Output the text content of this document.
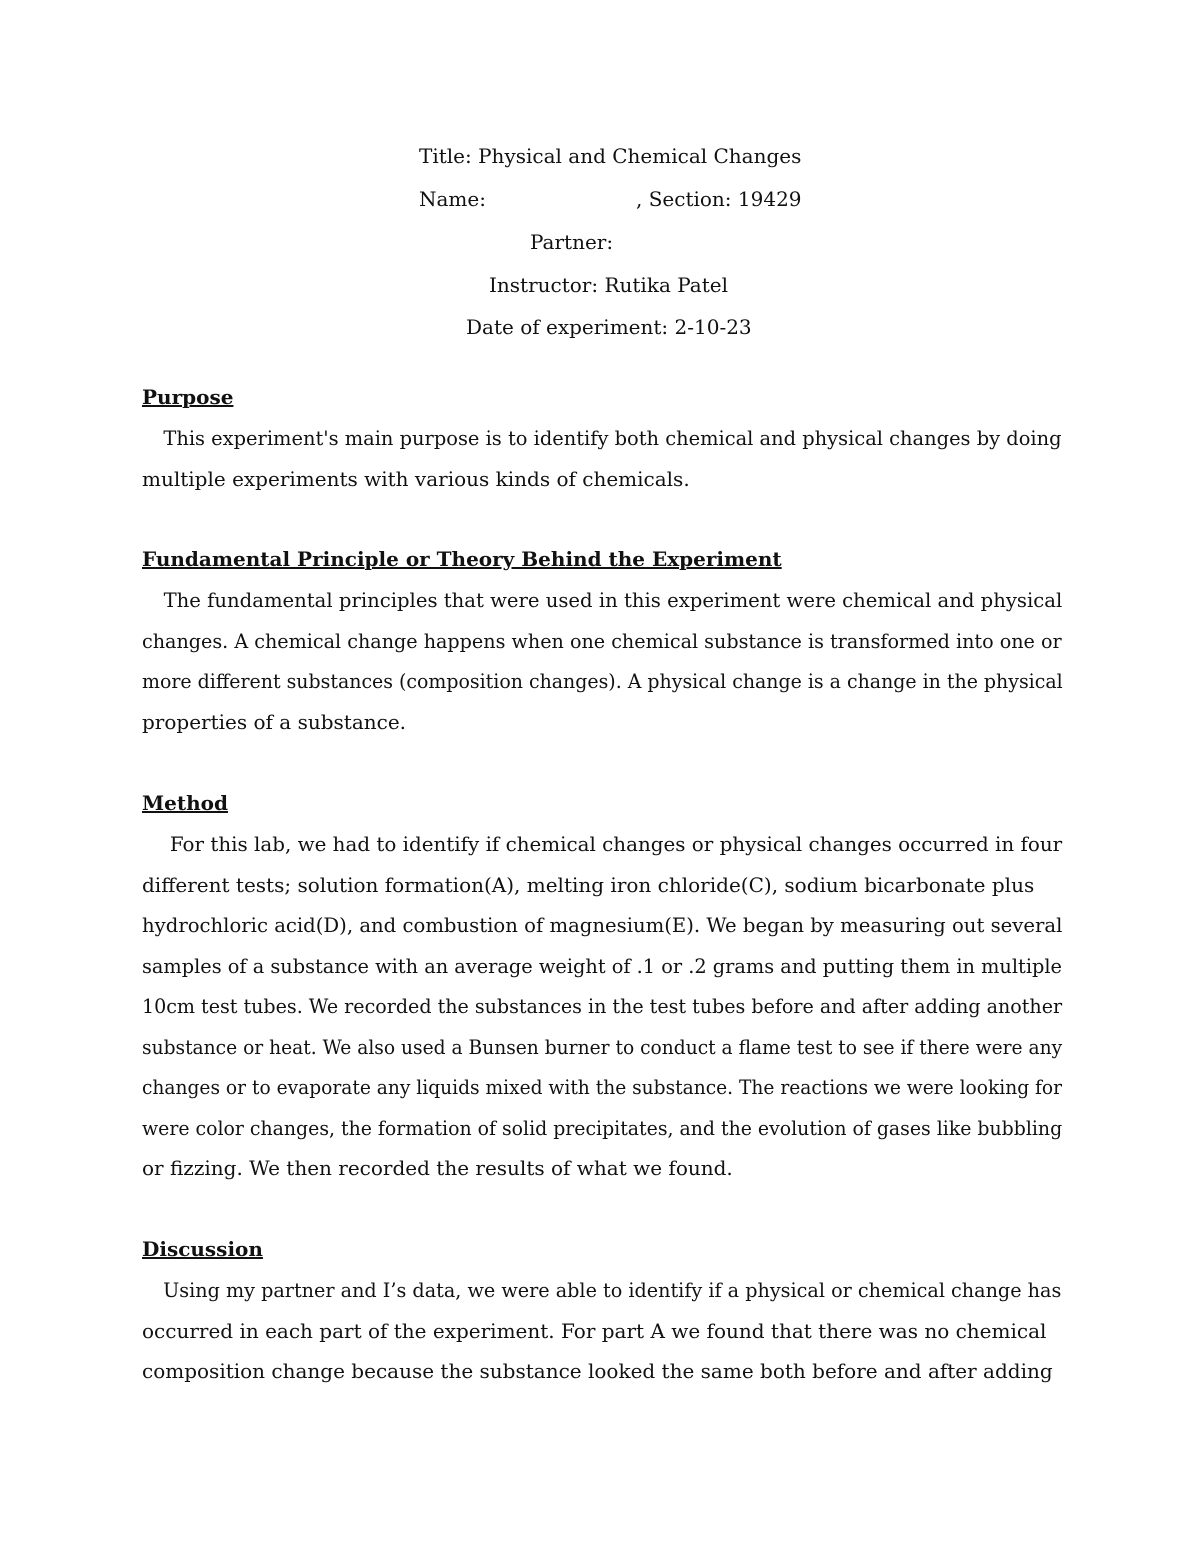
Title: Physical and Chemical Changes
Name:	, Section: 19429
Partner:
Instructor: Rutika Patel
Date of experiment: 2-10-23
Purpose
This experiment's main purpose is to identify both chemical and physical changes by doing
multiple experiments with various kinds of chemicals.
Fundamental Principle or Theory Behind the Experiment
The fundamental principles that were used in this experiment were chemical and physical
changes. A chemical change happens when one chemical substance is transformed into one or
more different substances (composition changes). A physical change is a change in the physical
properties of a substance.
Method
For this lab, we had to identify if chemical changes or physical changes occurred in four
different tests; solution formation(A), melting iron chloride(C), sodium bicarbonate plus
hydrochloric acid(D), and combustion of magnesium(E). We began by measuring out several
samples of a substance with an average weight of .1 or .2 grams and putting them in multiple
10cm test tubes. We recorded the substances in the test tubes before and after adding another
substance or heat. We also used a Bunsen burner to conduct a flame test to see if there were any
changes or to evaporate any liquids mixed with the substance. The reactions we were looking for
were color changes, the formation of solid precipitates, and the evolution of gases like bubbling
or fizzing. We then recorded the results of what we found.
Discussion
Using my partner and I’s data, we were able to identify if a physical or chemical change has
occurred in each part of the experiment. For part A we found that there was no chemical
composition change because the substance looked the same both before and after adding
